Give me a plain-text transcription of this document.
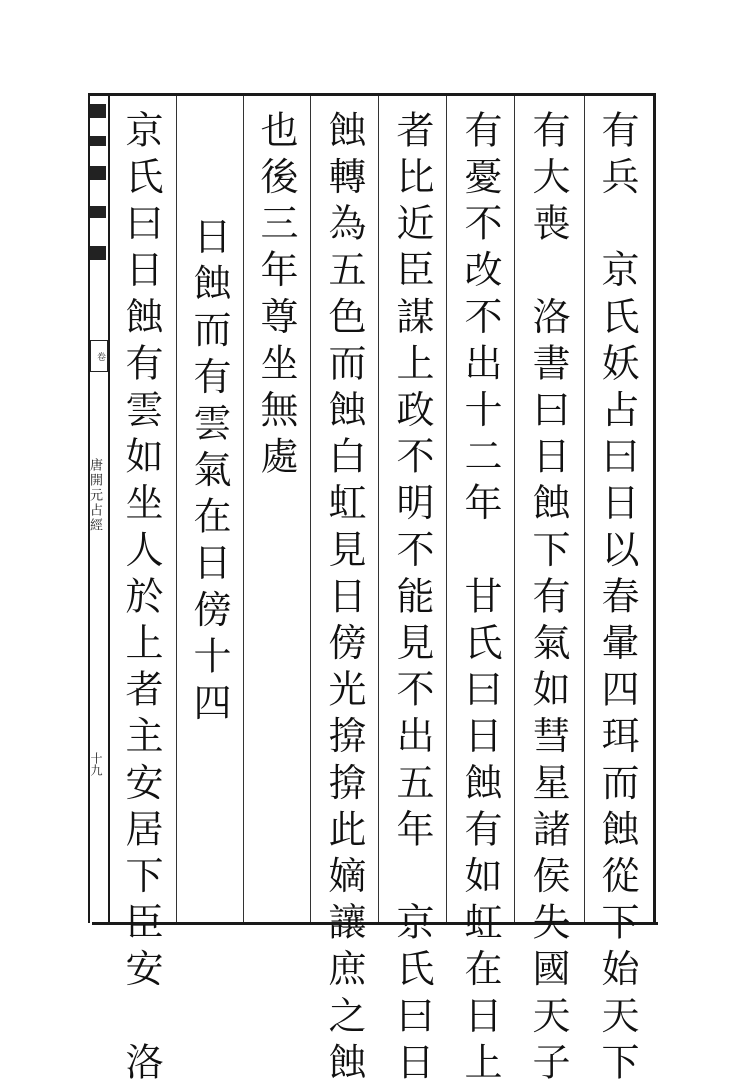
有兵　京氏妖占曰日以春暈四珥而蝕從下始天下
有大喪　洛書曰日蝕下有氣如彗星諸侯失國天子
有憂不改不出十二年　甘氏曰日蝕有如虹在日上
者比近臣謀上政不明不能見不出五年　京氏曰日
蝕轉為五色而蝕白虹見日傍光揜揜此嫡讓庶之蝕
也後三年尊坐無處
　日蝕而有雲氣在日傍十四
京氏曰日蝕有雲如坐人於上者主安居下臣安　洛
卷
唐開元占經
十九
